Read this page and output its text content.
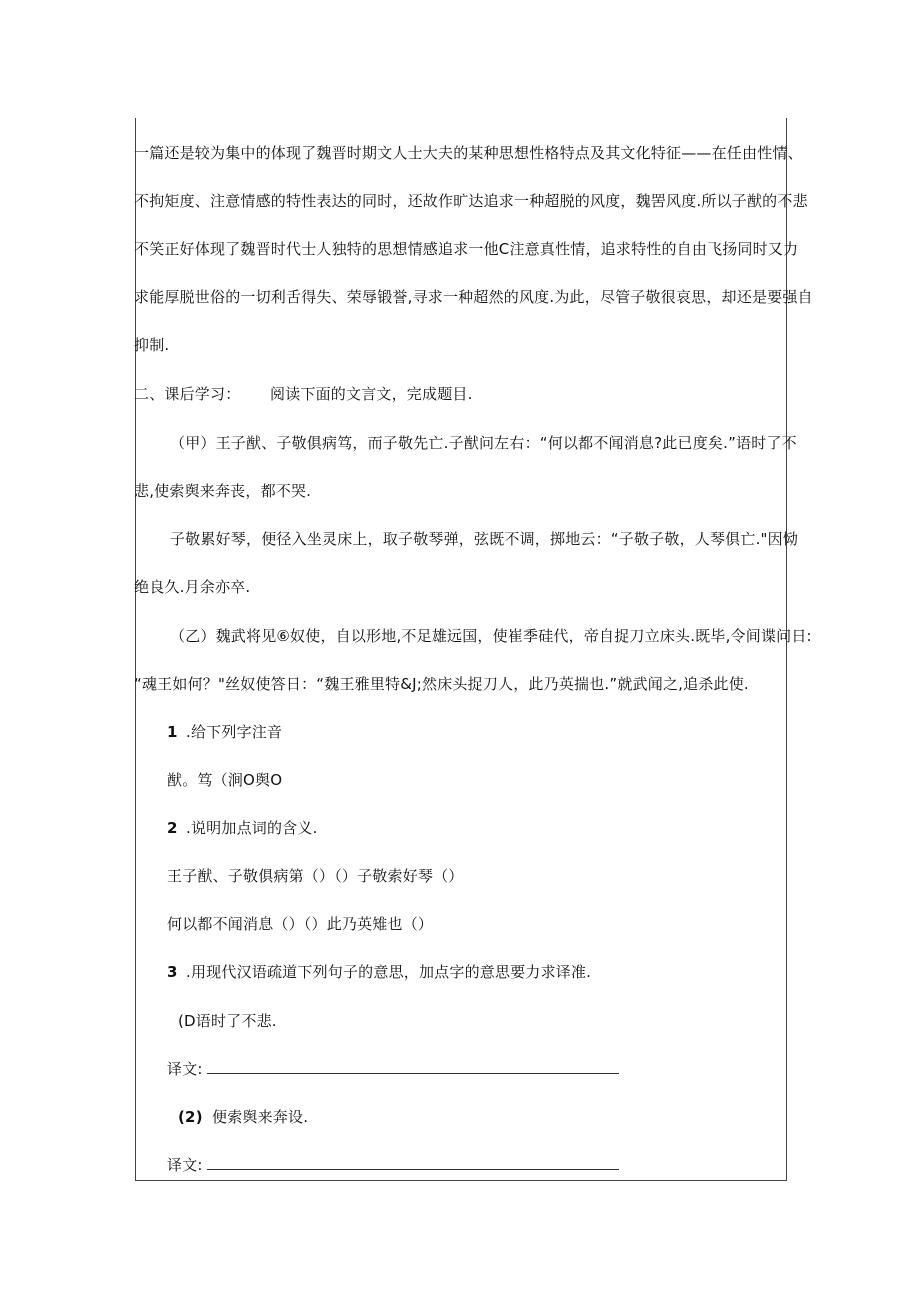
一篇还是较为集中的体现了魏晋时期文人士大夫的某种思想性格特点及其文化特征——在任由性情、
不拘矩度、注意情感的特性表达的同时，还故作旷达追求一种超脱的风度，魏罟风度.所以子猷的不悲
不笑正好体现了魏晋时代士人独特的思想情感追求一他C注意真性情，追求特性的自由飞扬同时又力
求能厚脱世俗的一切利舌得失、荣辱锻誉,寻求一种超然的风度.为此，尽管子敬很哀思，却还是要强自
抑制.
二、课后学习： 阅读下面的文言文，完成题目.
（甲）王子猷、子敬俱病笃，而子敬先亡.子猷问左右：“何以都不闻消息?此已度矣.”语时了不
悲,使索舆来奔丧，都不哭.
子敬累好琴，便径入坐灵床上，取子敬琴弹，弦既不调，掷地云：“子敬子敬，人琴俱亡."因恸
绝良久.月余亦卒.
（乙）魏武将见⑥奴使，自以形地,不足雄远国，使崔季硅代，帝自捉刀立床头.既毕,令间谍问日:
“魂王如何？"丝奴使答日：“魏王雅里特&J;然床头捉刀人，此乃英揣也.”就武闻之,追杀此使.
1 .给下列字注音
猷。笃（涧O舆O
2 .说明加点词的含义.
王子猷、子敬俱病第（）（）子敬索好琴（）
何以都不闻消息（）（）此乃英雉也（）
3 .用现代汉语疏道下列句子的意思，加点字的意思要力求译准.
(D语时了不悲.
译文:
(2) 便索舆来奔设.
译文:
